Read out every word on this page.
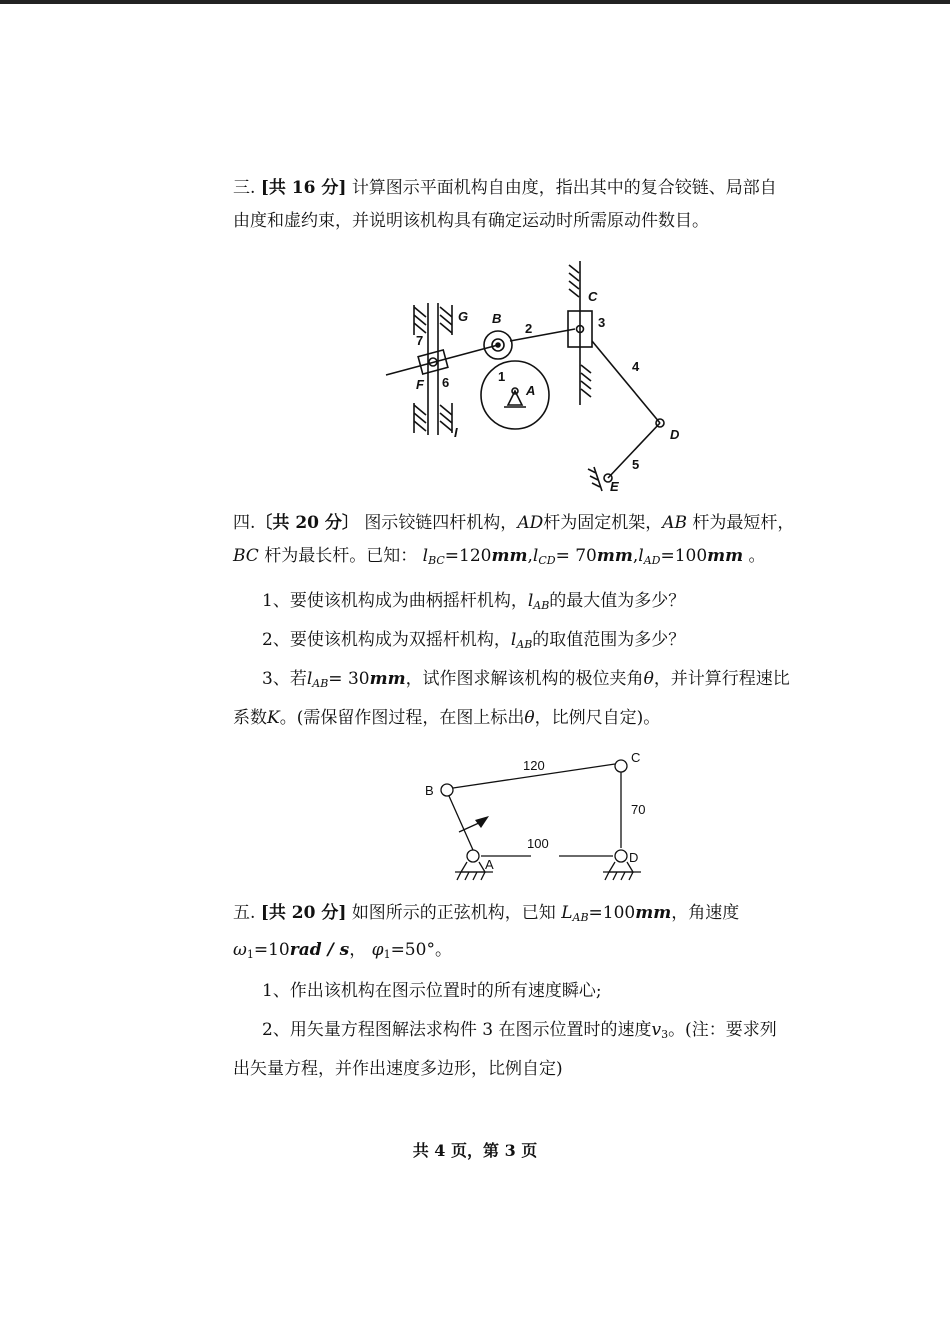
三. [共 16 分] 计算图示平面机构自由度，指出其中的复合铰链、局部自
由度和虚约束，并说明该机构具有确定运动时所需原动件数目。

G
I
B
2
C
3
4
D
5
E
7
F 6	1
A

四.〔共 20 分〕 图示铰链四杆机构，AD杆为固定机架，AB 杆为最短杆，
BC 杆为最长杆。已知： $l_{BC}=120mm,l_{CD}= 70mm,l_{AD}=100mm$ 。

1、要使该机构成为曲柄摇杆机构，$l_{AB}$的最大值为多少？

2、要使该机构成为双摇杆机构，$l_{AB}$的取值范围为多少？

3、若$l_{AB}= 30mm$，试作图求解该机构的极位夹角θ，并计算行程速比

系数K。(需保留作图过程，在图上标出θ，比例尺自定)。

B
C
A	D
120
70
100

五. [共 20 分] 如图所示的正弦机构，已知 $L_{AB}=100mm$，角速度
ω1=10rad / s， φ1=50°。

1、作出该机构在图示位置时的所有速度瞬心;

2、用矢量方程图解法求构件 3 在图示位置时的速度v3。(注：要求列

出矢量方程，并作出速度多边形，比例自定)

共 4 页，第 3 页
